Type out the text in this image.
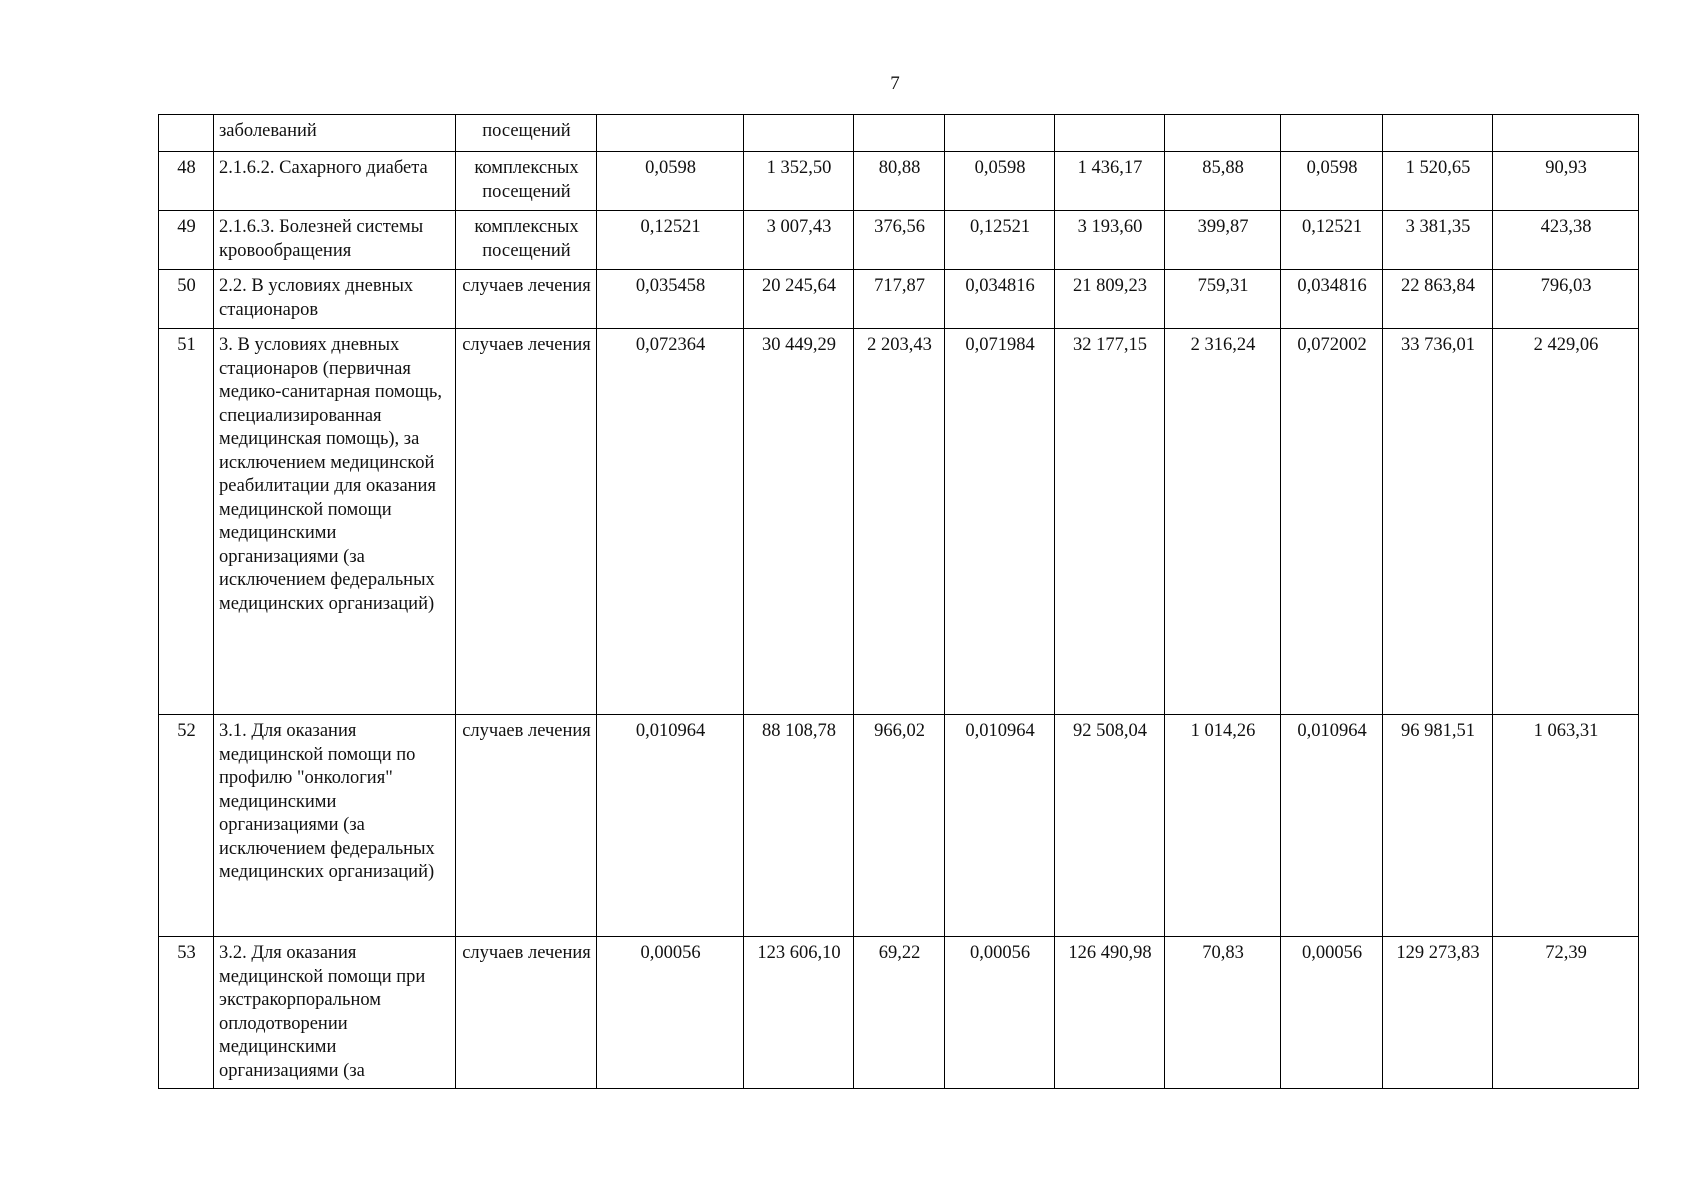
7
	заболеваний	посещений									
48	2.1.6.2. Сахарного диабета	комплексных посещений	0,0598	1 352,50	80,88	0,0598	1 436,17	85,88	0,0598	1 520,65	90,93
49	2.1.6.3. Болезней системы кровообращения	комплексных посещений	0,12521	3 007,43	376,56	0,12521	3 193,60	399,87	0,12521	3 381,35	423,38
50	2.2. В условиях дневных стационаров	случаев лечения	0,035458	20 245,64	717,87	0,034816	21 809,23	759,31	0,034816	22 863,84	796,03
51	3. В условиях дневных стационаров (первичная медико-санитарная помощь, специализированная медицинская помощь), за исключением медицинской реабилитации для оказания медицинской помощи медицинскими организациями (за исключением федеральных медицинских организаций)	случаев лечения	0,072364	30 449,29	2 203,43	0,071984	32 177,15	2 316,24	0,072002	33 736,01	2 429,06
52	3.1. Для оказания медицинской помощи по профилю "онкология" медицинскими организациями (за исключением федеральных медицинских организаций)	случаев лечения	0,010964	88 108,78	966,02	0,010964	92 508,04	1 014,26	0,010964	96 981,51	1 063,31
53	3.2. Для оказания медицинской помощи при экстракорпоральном оплодотворении медицинскими организациями (за	случаев лечения	0,00056	123 606,10	69,22	0,00056	126 490,98	70,83	0,00056	129 273,83	72,39
